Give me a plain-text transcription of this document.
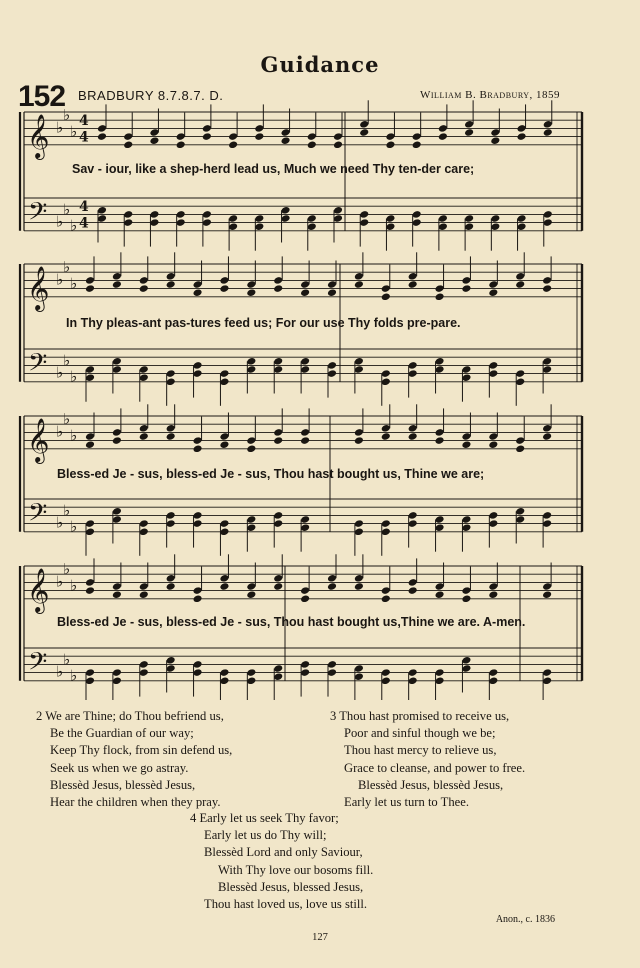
Guidance
152 BRADBURY 8.7.8.7. D.	William B. Bradbury, 1859
𝄞
𝄢
♭
♭
♭
♭
♭
♭
4
4
4
4
𝄞
𝄢
♭
♭
♭
♭
♭
♭
𝄞
𝄢
♭
♭
♭
♭
♭
♭
𝄞
𝄢
♭
♭
♭
♭
♭
♭
Sav - iour, like a shep-herd lead us, Much we need Thy ten-der care;
In Thy pleas-ant pas-tures feed us; For our use Thy folds pre-pare.
Bless-ed Je - sus, bless-ed Je - sus, Thou hast bought us, Thine we are;
Bless-ed Je - sus, bless-ed Je - sus, Thou hast bought us,Thine we are. A-men.
2 We are Thine; do Thou befriend us,
Be the Guardian of our way;
Keep Thy flock, from sin defend us,
Seek us when we go astray.
Blessèd Jesus, blessèd Jesus,
Hear the children when they pray.
3 Thou hast promised to receive us,
Poor and sinful though we be;
Thou hast mercy to relieve us,
Grace to cleanse, and power to free.
Blessèd Jesus, blessèd Jesus,
Early let us turn to Thee.
4 Early let us seek Thy favor;
Early let us do Thy will;
Blessèd Lord and only Saviour,
With Thy love our bosoms fill.
Blessèd Jesus, blessed Jesus,
Thou hast loved us, love us still.
Anon., c. 1836
127
